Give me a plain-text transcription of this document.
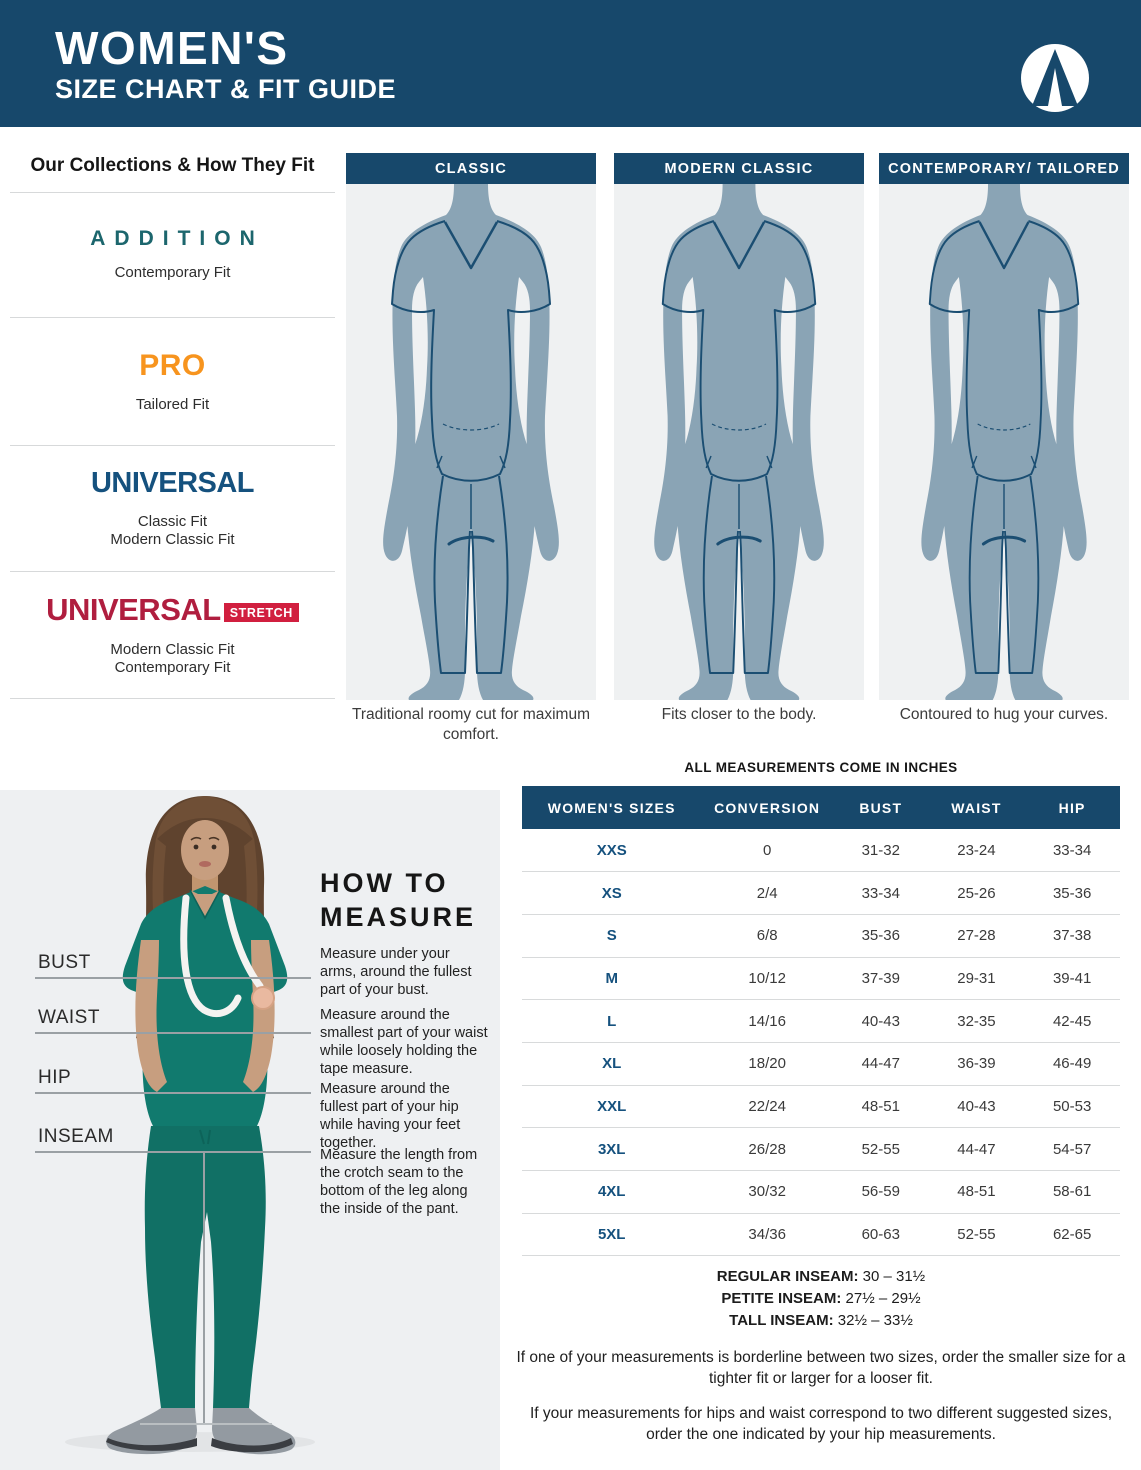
WOMEN'S
SIZE CHART & FIT GUIDE
Our Collections & How They Fit
ADDITION
Contemporary Fit
PRO
Tailored Fit
UNIVERSAL
Classic Fit
Modern Classic Fit
UNIVERSAL STRETCH
Modern Classic Fit
Contemporary Fit
CLASSIC	MODERN CLASSIC	CONTEMPORARY/ TAILORED
Traditional roomy cut for maximum comfort.
Fits closer to the body.	Contoured to hug your curves.
BUST
WAIST
HIP
INSEAM
HOW TO
MEASURE
Measure under your arms, around the fullest part of your bust.
Measure around the smallest part of your waist while loosely holding the tape measure.
Measure around the fullest part of your hip while having your feet together.
Measure the length from the crotch seam to the bottom of the leg along the inside of the pant.
ALL MEASUREMENTS COME IN INCHES
WOMEN'S SIZES	CONVERSION	BUST	WAIST	HIP
XXS	0	31-32	23-24	33-34
XS	2/4	33-34	25-26	35-36
S	6/8	35-36	27-28	37-38
M	10/12	37-39	29-31	39-41
L	14/16	40-43	32-35	42-45
XL	18/20	44-47	36-39	46-49
XXL	22/24	48-51	40-43	50-53
3XL	26/28	52-55	44-47	54-57
4XL	30/32	56-59	48-51	58-61
5XL	34/36	60-63	52-55	62-65
REGULAR INSEAM: 30 – 31½
PETITE INSEAM: 27½ – 29½
TALL INSEAM: 32½ – 33½
If one of your measurements is borderline between two sizes, order the smaller size for a tighter fit or larger for a looser fit.
If your measurements for hips and waist correspond to two different suggested sizes, order the one indicated by your hip measurements.
